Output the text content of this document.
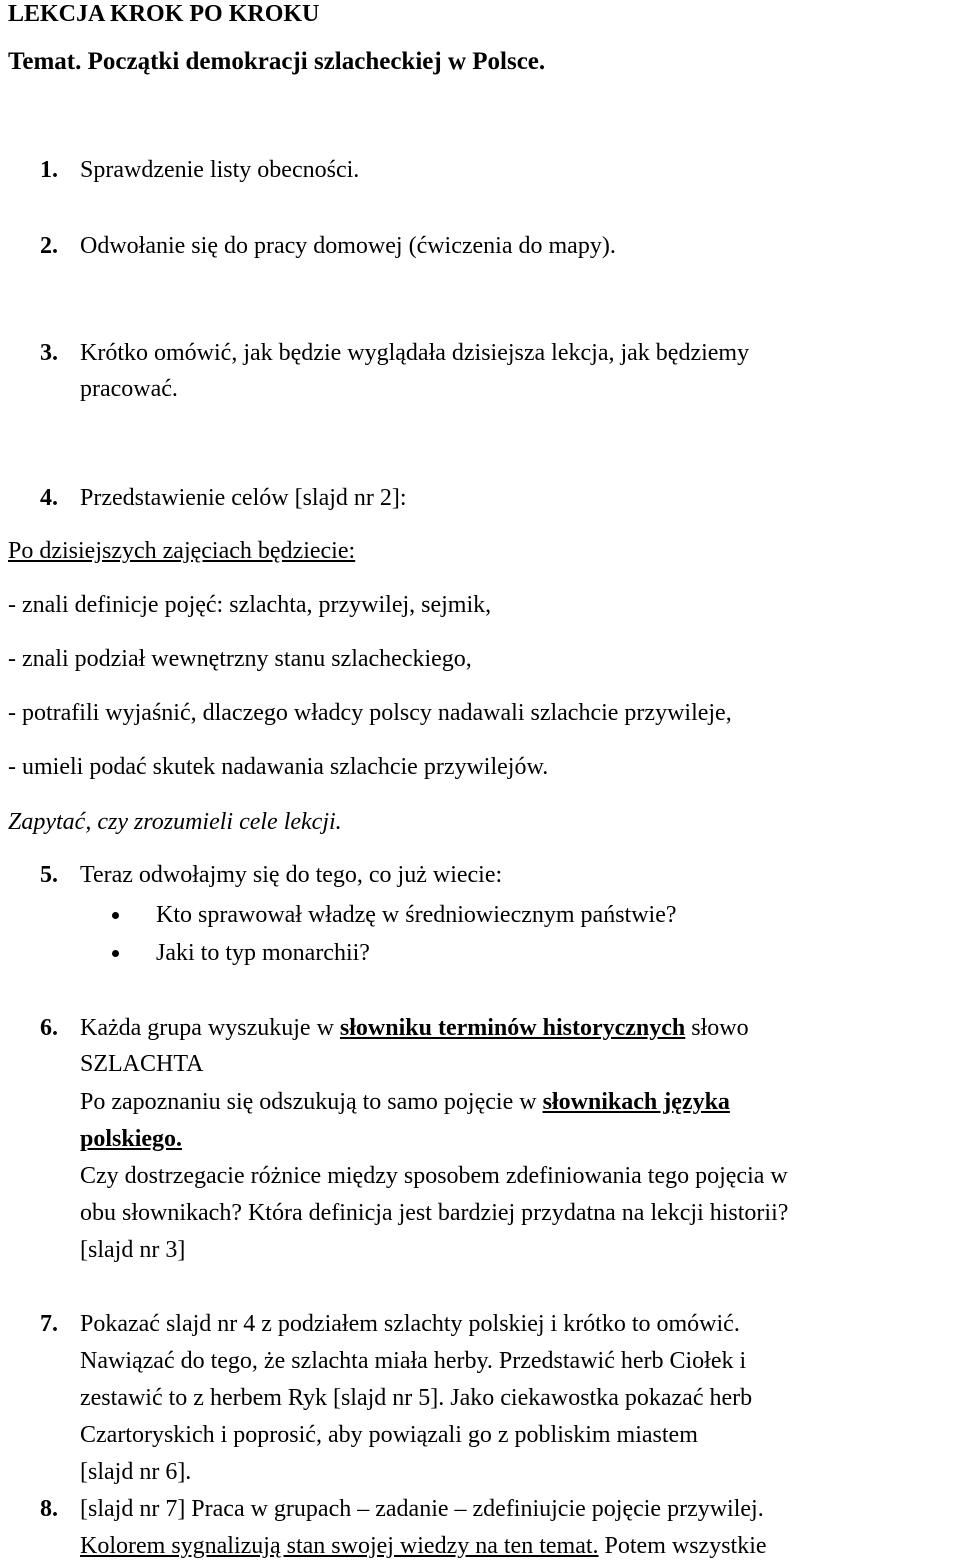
LEKCJA KROK PO KROKU
Temat. Początki demokracji szlacheckiej w Polsce.
1. Sprawdzenie listy obecności.
2. Odwołanie się do pracy domowej (ćwiczenia do mapy).
3. Krótko omówić, jak będzie wyglądała dzisiejsza lekcja, jak będziemy
pracować.
4. Przedstawienie celów [slajd nr 2]:
Po dzisiejszych zajęciach będziecie:
- znali definicje pojęć: szlachta, przywilej, sejmik,
- znali podział wewnętrzny stanu szlacheckiego,
- potrafili wyjaśnić, dlaczego władcy polscy nadawali szlachcie przywileje,
- umieli podać skutek nadawania szlachcie przywilejów.
Zapytać, czy zrozumieli cele lekcji.
5. Teraz odwołajmy się do tego, co już wiecie:
Kto sprawował władzę w średniowiecznym państwie?
Jaki to typ monarchii?
6. Każda grupa wyszukuje w słowniku terminów historycznych słowo
SZLACHTA
Po zapoznaniu się odszukują to samo pojęcie w słownikach języka
polskiego.
Czy dostrzegacie różnice między sposobem zdefiniowania tego pojęcia w
obu słownikach? Która definicja jest bardziej przydatna na lekcji historii?
[slajd nr 3]
7. Pokazać slajd nr 4 z podziałem szlachty polskiej i krótko to omówić.
Nawiązać do tego, że szlachta miała herby. Przedstawić herb Ciołek i
zestawić to z herbem Ryk [slajd nr 5]. Jako ciekawostka pokazać herb
Czartoryskich i poprosić, aby powiązali go z pobliskim miastem
[slajd nr 6].
8. [slajd nr 7] Praca w grupach – zadanie – zdefiniujcie pojęcie przywilej.
Kolorem sygnalizują stan swojej wiedzy na ten temat. Potem wszystkie
